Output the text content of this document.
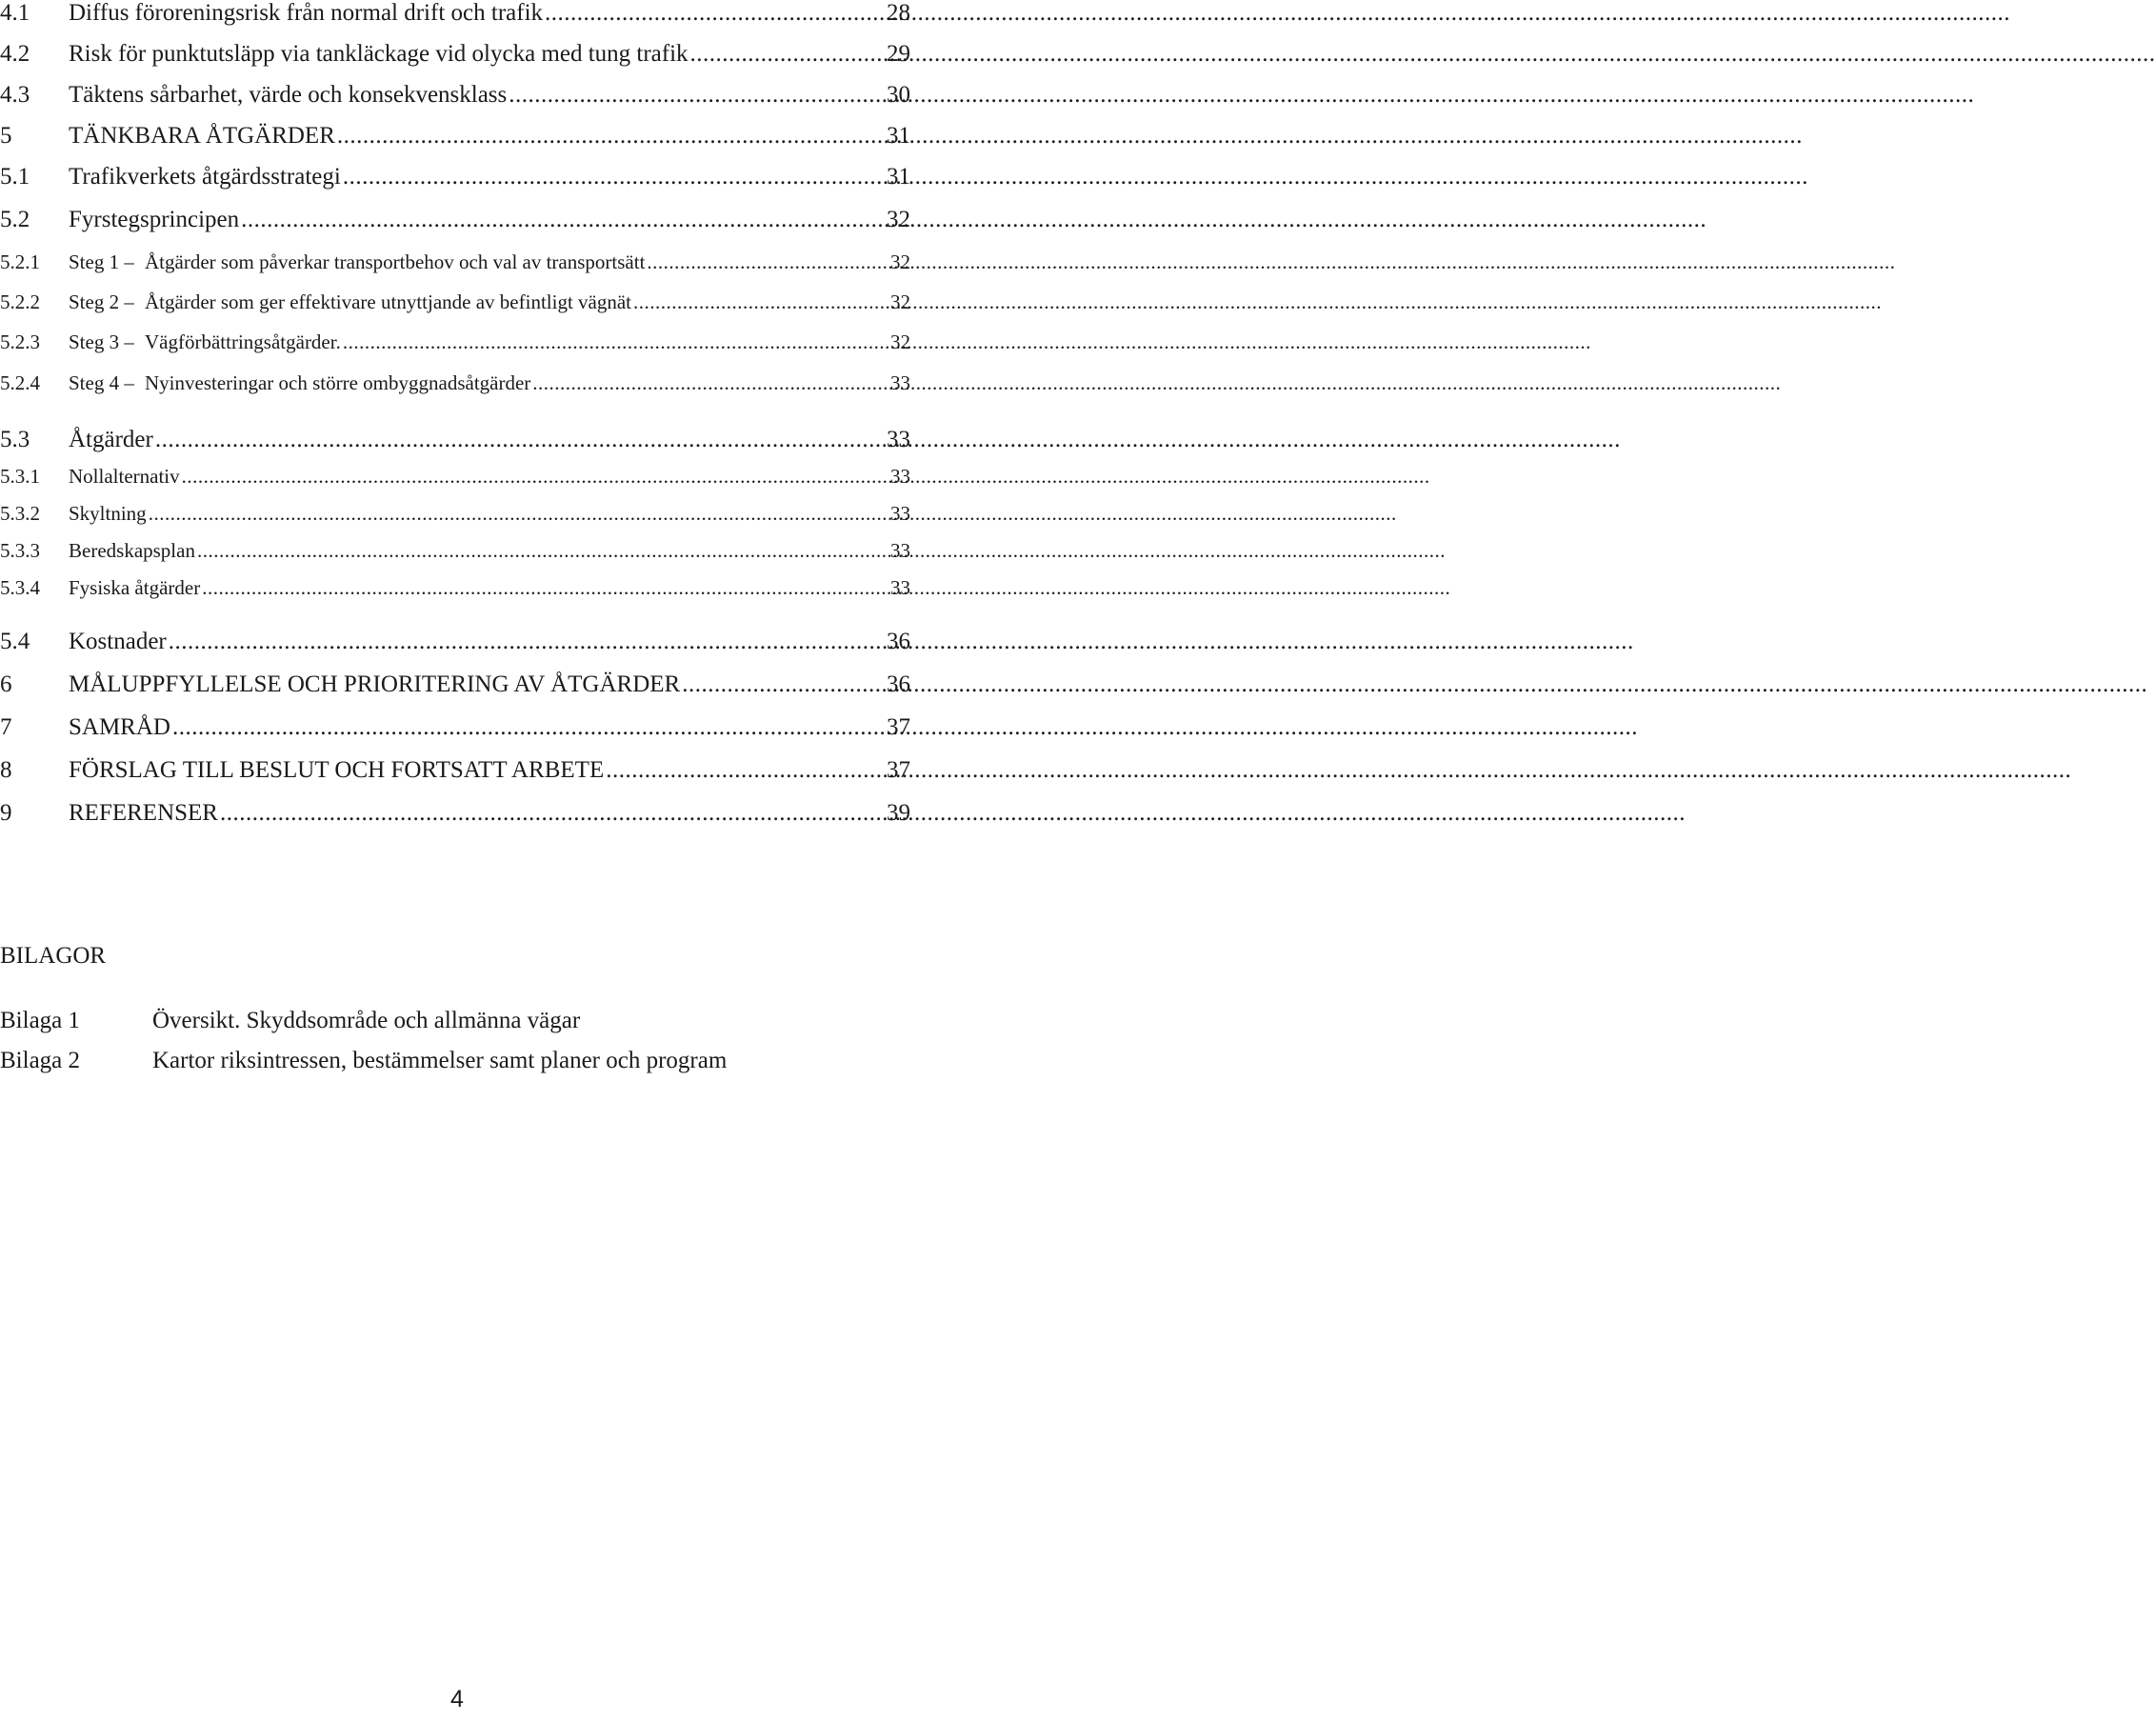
4.1	Diffus föroreningsrisk från normal drift och trafik .....	28
4.2	Risk för punktutsläpp via tankläckage vid olycka med tung trafik .....	29
4.3	Täktens sårbarhet, värde och konsekvensklass .....	30
5	TÄNKBARA ÅTGÄRDER .....	31
5.1	Trafikverkets åtgärdsstrategi .....	31
5.2	Fyrstegsprincipen .....	32
5.2.1	Steg 1 – Åtgärder som påverkar transportbehov och val av transportsätt .....	32
5.2.2	Steg 2 – Åtgärder som ger effektivare utnyttjande av befintligt vägnät .....	32
5.2.3	Steg 3 – Vägförbättringsåtgärder. .....	32
5.2.4	Steg 4 – Nyinvesteringar och större ombyggnadsåtgärder .....	33
5.3	Åtgärder .....	33
5.3.1	Nollalternativ .....	33
5.3.2	Skyltning .....	33
5.3.3	Beredskapsplan .....	33
5.3.4	Fysiska åtgärder .....	33
5.4	Kostnader .....	36
6	MÅLUPPFYLLELSE OCH PRIORITERING AV ÅTGÄRDER .....	36
7	SAMRÅD .....	37
8	FÖRSLAG TILL BESLUT OCH FORTSATT ARBETE .....	37
9	REFERENSER .....	39
BILAGOR
Bilaga 1	Översikt. Skyddsområde och allmänna vägar
Bilaga 2	Kartor riksintressen, bestämmelser samt planer och program
4
